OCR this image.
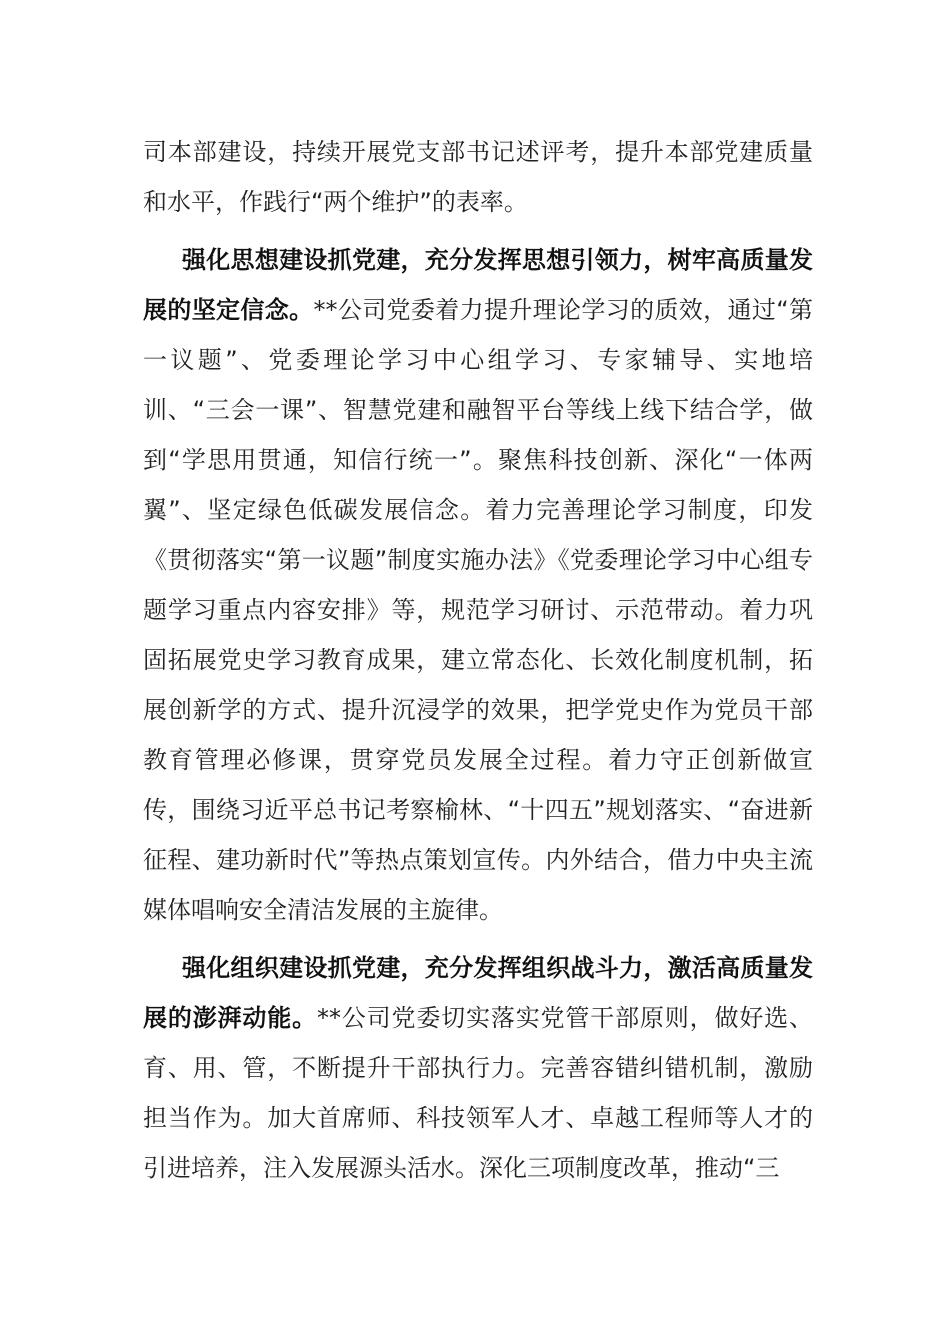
司本部建设，持续开展党支部书记述评考，提升本部党建质量和水平，作践行“两个维护”的表率。

强化思想建设抓党建，充分发挥思想引领力，树牢高质量发展的坚定信念。**公司党委着力提升理论学习的质效，通过“第一议题”、党委理论学习中心组学习、专家辅导、实地培训、“三会一课”、智慧党建和融智平台等线上线下结合学，做到“学思用贯通，知信行统一”。聚焦科技创新、深化“一体两翼”、坚定绿色低碳发展信念。着力完善理论学习制度，印发《贯彻落实“第一议题”制度实施办法》《党委理论学习中心组专题学习重点内容安排》等，规范学习研讨、示范带动。着力巩固拓展党史学习教育成果，建立常态化、长效化制度机制，拓展创新学的方式、提升沉浸学的效果，把学党史作为党员干部教育管理必修课，贯穿党员发展全过程。着力守正创新做宣传，围绕习近平总书记考察榆林、“十四五”规划落实、“奋进新征程、建功新时代”等热点策划宣传。内外结合，借力中央主流媒体唱响安全清洁发展的主旋律。

强化组织建设抓党建，充分发挥组织战斗力，激活高质量发展的澎湃动能。**公司党委切实落实党管干部原则，做好选、育、用、管，不断提升干部执行力。完善容错纠错机制，激励担当作为。加大首席师、科技领军人才、卓越工程师等人才的引进培养，注入发展源头活水。深化三项制度改革，推动“三
